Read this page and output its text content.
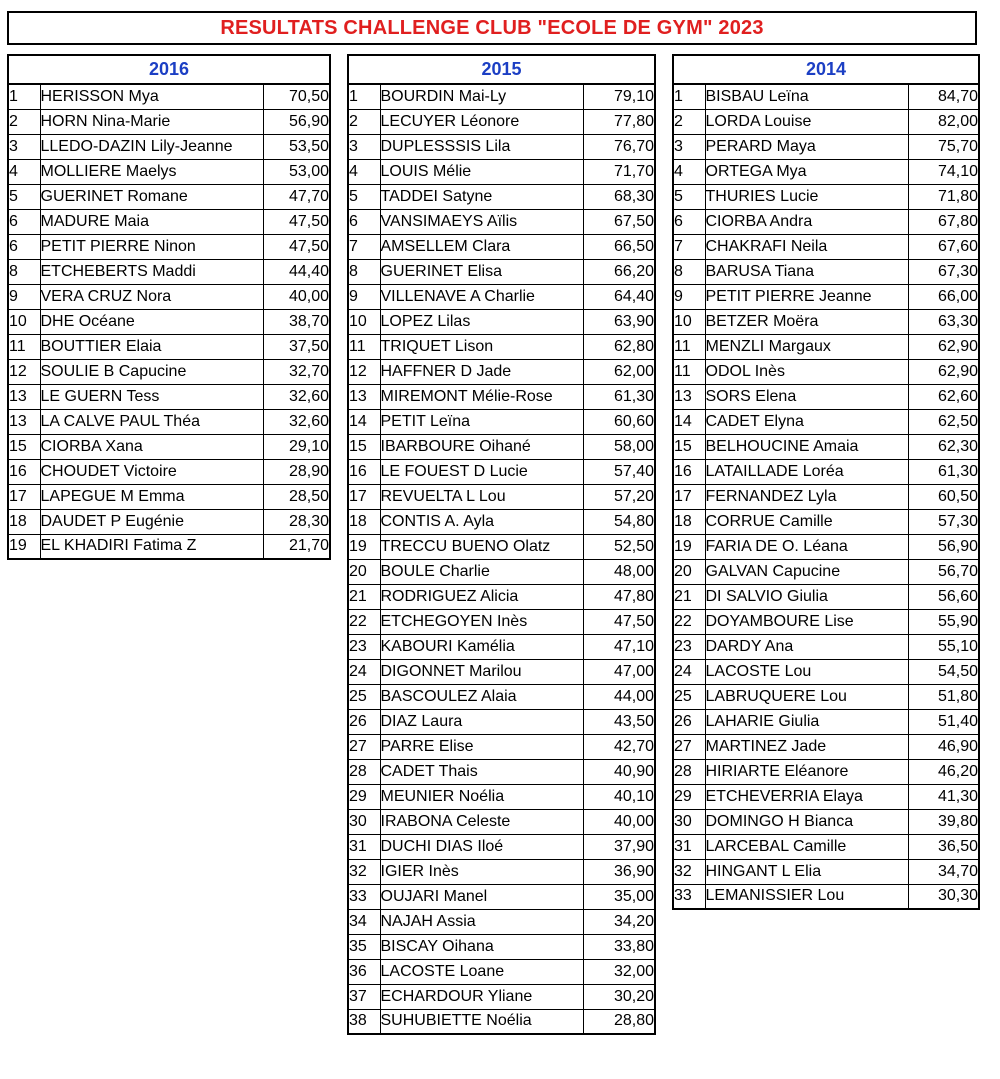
RESULTATS CHALLENGE CLUB "ECOLE DE GYM" 2023
2016		
1	HERISSON Mya	70,50
2	HORN Nina-Marie	56,90
3	LLEDO-DAZIN Lily-Jeanne	53,50
4	MOLLIERE Maelys	53,00
5	GUERINET Romane	47,70
6	MADURE Maia	47,50
6	PETIT PIERRE Ninon	47,50
8	ETCHEBERTS Maddi	44,40
9	VERA CRUZ Nora	40,00
10	DHE Océane	38,70
11	BOUTTIER Elaia	37,50
12	SOULIE B Capucine	32,70
13	LE GUERN Tess	32,60
13	LA CALVE PAUL Théa	32,60
15	CIORBA Xana	29,10
16	CHOUDET Victoire	28,90
17	LAPEGUE M Emma	28,50
18	DAUDET P Eugénie	28,30
19	EL KHADIRI Fatima Z	21,70
2015		
1	BOURDIN Mai-Ly	79,10
2	LECUYER Léonore	77,80
3	DUPLESSSIS Lila	76,70
4	LOUIS Mélie	71,70
5	TADDEI Satyne	68,30
6	VANSIMAEYS Aïlis	67,50
7	AMSELLEM Clara	66,50
8	GUERINET Elisa	66,20
9	VILLENAVE A Charlie	64,40
10	LOPEZ Lilas	63,90
11	TRIQUET Lison	62,80
12	HAFFNER D Jade	62,00
13	MIREMONT Mélie-Rose	61,30
14	PETIT Leïna	60,60
15	IBARBOURE Oihané	58,00
16	LE FOUEST D Lucie	57,40
17	REVUELTA L Lou	57,20
18	CONTIS A. Ayla	54,80
19	TRECCU BUENO Olatz	52,50
20	BOULE Charlie	48,00
21	RODRIGUEZ Alicia	47,80
22	ETCHEGOYEN Inès	47,50
23	KABOURI Kamélia	47,10
24	DIGONNET Marilou	47,00
25	BASCOULEZ Alaia	44,00
26	DIAZ Laura	43,50
27	PARRE Elise	42,70
28	CADET Thais	40,90
29	MEUNIER Noélia	40,10
30	IRABONA Celeste	40,00
31	DUCHI DIAS Iloé	37,90
32	IGIER Inès	36,90
33	OUJARI Manel	35,00
34	NAJAH Assia	34,20
35	BISCAY Oihana	33,80
36	LACOSTE Loane	32,00
37	ECHARDOUR Yliane	30,20
38	SUHUBIETTE Noélia	28,80
2014		
1	BISBAU Leïna	84,70
2	LORDA Louise	82,00
3	PERARD Maya	75,70
4	ORTEGA Mya	74,10
5	THURIES Lucie	71,80
6	CIORBA Andra	67,80
7	CHAKRAFI Neila	67,60
8	BARUSA Tiana	67,30
9	PETIT PIERRE Jeanne	66,00
10	BETZER Moëra	63,30
11	MENZLI Margaux	62,90
11	ODOL Inès	62,90
13	SORS Elena	62,60
14	CADET Elyna	62,50
15	BELHOUCINE Amaia	62,30
16	LATAILLADE Loréa	61,30
17	FERNANDEZ Lyla	60,50
18	CORRUE Camille	57,30
19	FARIA DE O. Léana	56,90
20	GALVAN Capucine	56,70
21	DI SALVIO Giulia	56,60
22	DOYAMBOURE Lise	55,90
23	DARDY Ana	55,10
24	LACOSTE Lou	54,50
25	LABRUQUERE Lou	51,80
26	LAHARIE Giulia	51,40
27	MARTINEZ Jade	46,90
28	HIRIARTE Eléanore	46,20
29	ETCHEVERRIA Elaya	41,30
30	DOMINGO H Bianca	39,80
31	LARCEBAL Camille	36,50
32	HINGANT L Elia	34,70
33	LEMANISSIER Lou	30,30
